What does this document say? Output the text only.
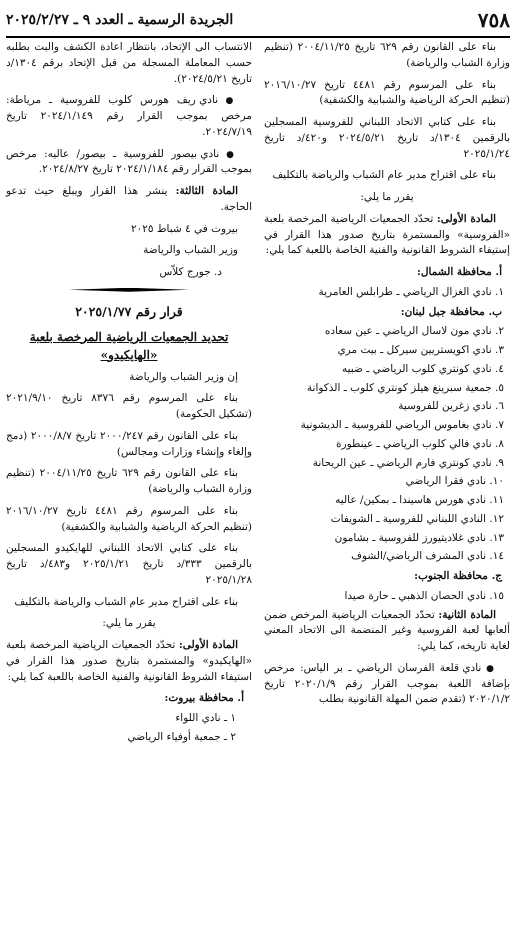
٧٥٨
الجريدة الرسمية ـ العدد ٩ ـ ٢٠٢٥/٢/٢٧

بناء على القانون رقم ٦٢٩ تاريخ ٢٠٠٤/١١/٢٥ (تنظيم وزارة الشباب والرياضة)

بناء على المرسوم رقم ٤٤٨١ تاريخ ٢٠١٦/١٠/٢٧ (تنظيم الحركة الرياضية والشبابية والكشفية)

بناء على كتابي الاتحاد اللبناني للفروسية المسجلين بالرقمين ١٣٠٤/د تاريخ ٢٠٢٤/٥/٢١ و٤٢٠/د تاريخ ٢٠٢٥/١/٢٤

بناء على اقتراح مدير عام الشباب والرياضة بالتكليف

يقرر ما يلي:

المادة الأولى: تحدّد الجمعيات الرياضية المرخصة بلعبة «الفروسية» والمستمرة بتاريخ صدور هذا القرار في إستيفاء الشروط القانونية والفنية الخاصة باللعبة كما يلي:

أ. محافظة الشمال:
١. نادي الغزال الرياضي ـ طرابلس العامرية
ب. محافظة جبل لبنان:
٢. نادي مون لاسال الرياضي ـ عين سعاده
٣. نادي اكويستريين سيركل ـ بيت مري
٤. نادي كونتري كلوب الرياضي ـ ضبيه
٥. جمعية سبرينغ هيلز كونتري كلوب ـ الذكوانة
٦. نادي زغرين للفروسية
٧. نادي بغاموس الرياضي للفروسية ـ الديشونية
٨. نادي فالي كلوب الرياضي ـ عينطورة
٩. نادي كونتري فارم الرياضي ـ عين الريحانة
١٠. نادي فقرا الرياضي
١١. نادي هورس هاسيندا ـ بمكين/ عاليه
١٢. النادي اللبناني للفروسية ـ الشويفات
١٣. نادي غلاديتيورز للفروسية ـ بشامون
١٤. نادي المشرف الرياضي/الشوف
ج. محافظة الجنوب:
١٥. نادي الحصان الذهبي ـ حارة صيدا

المادة الثانية: تحدّد الجمعيات الرياضية المرخص ضمن ألعابها لعبة الفروسية وغير المنضمة الى الاتحاد المعني لغاية تاريخه، كما يلي:

● نادي قلعة الفرسان الرياضي ـ بر الياس: مرخص بإضافة اللعبة بموجب القرار رقم ٢٠٢٠/١/٩ تاريخ ٢٠٢٠/١/٢ (تقدم ضمن المهلة القانونية بطلب

الانتساب الى الإتحاد، بانتظار اعادة الكشف والبت بطلبه حسب المعاملة المسجلة من قبل الإتحاد برقم ١٣٠٤/د تاريخ ٢٠٢٤/٥/٢١).

● نادي ريف هورس كلوب للفروسية ـ مرياطة: مرخص بموجب القرار رقم ٢٠٢٤/١/١٤٩ تاريخ ٢٠٢٤/٧/١٩.

● نادي بيصور للفروسية ـ بيصور/ عاليه: مرخص بموجب القرار رقم ٢٠٢٤/١/١٨٤ تاريخ ٢٠٢٤/٨/٢٧.

المادة الثالثة: ينشر هذا القرار ويبلغ حيث تدعو الحاجة.

بيروت في ٤ شباط ٢٠٢٥

وزير الشباب والرياضة

د. جورج كلاّس

قرار رقم ٢٠٢٥/١/٧٧

تحديد الجمعيات الرياضية المرخصة بلعبة «الهايكيدو»

إن وزير الشباب والرياضة

بناء على المرسوم رقم ٨٣٧٦ تاريخ ٢٠٢١/٩/١٠ (تشكيل الحكومة)

بناء على القانون رقم ٢٠٠٠/٢٤٧ تاريخ ٢٠٠٠/٨/٧ (دمج وإلغاء وإنشاء وزارات ومجالس)

بناء على القانون رقم ٦٢٩ تاريخ ٢٠٠٤/١١/٢٥ (تنظيم وزارة الشباب والرياضة)

بناء على المرسوم رقم ٤٤٨١ تاريخ ٢٠١٦/١٠/٢٧ (تنظيم الحركة الرياضية والشبابية والكشفية)

بناء على كتابي الاتحاد اللبناني للهايكيدو المسجلين بالرقمين ٣٣٣/د تاريخ ٢٠٢٥/١/٢١ و٤٨٣/د تاريخ ٢٠٢٥/١/٢٨

بناء على اقتراح مدير عام الشباب والرياضة بالتكليف

يقرر ما يلي:

المادة الأولى: تحدّد الجمعيات الرياضية المرخصة بلعبة «الهايكيدو» والمستمرة بتاريخ صدور هذا القرار في استيفاء الشروط القانونية والفنية الخاصة باللعبة كما يلي:

أ. محافظة بيروت:
١ ـ نادي اللواء
٢ ـ جمعية أوفياء الرياضي
